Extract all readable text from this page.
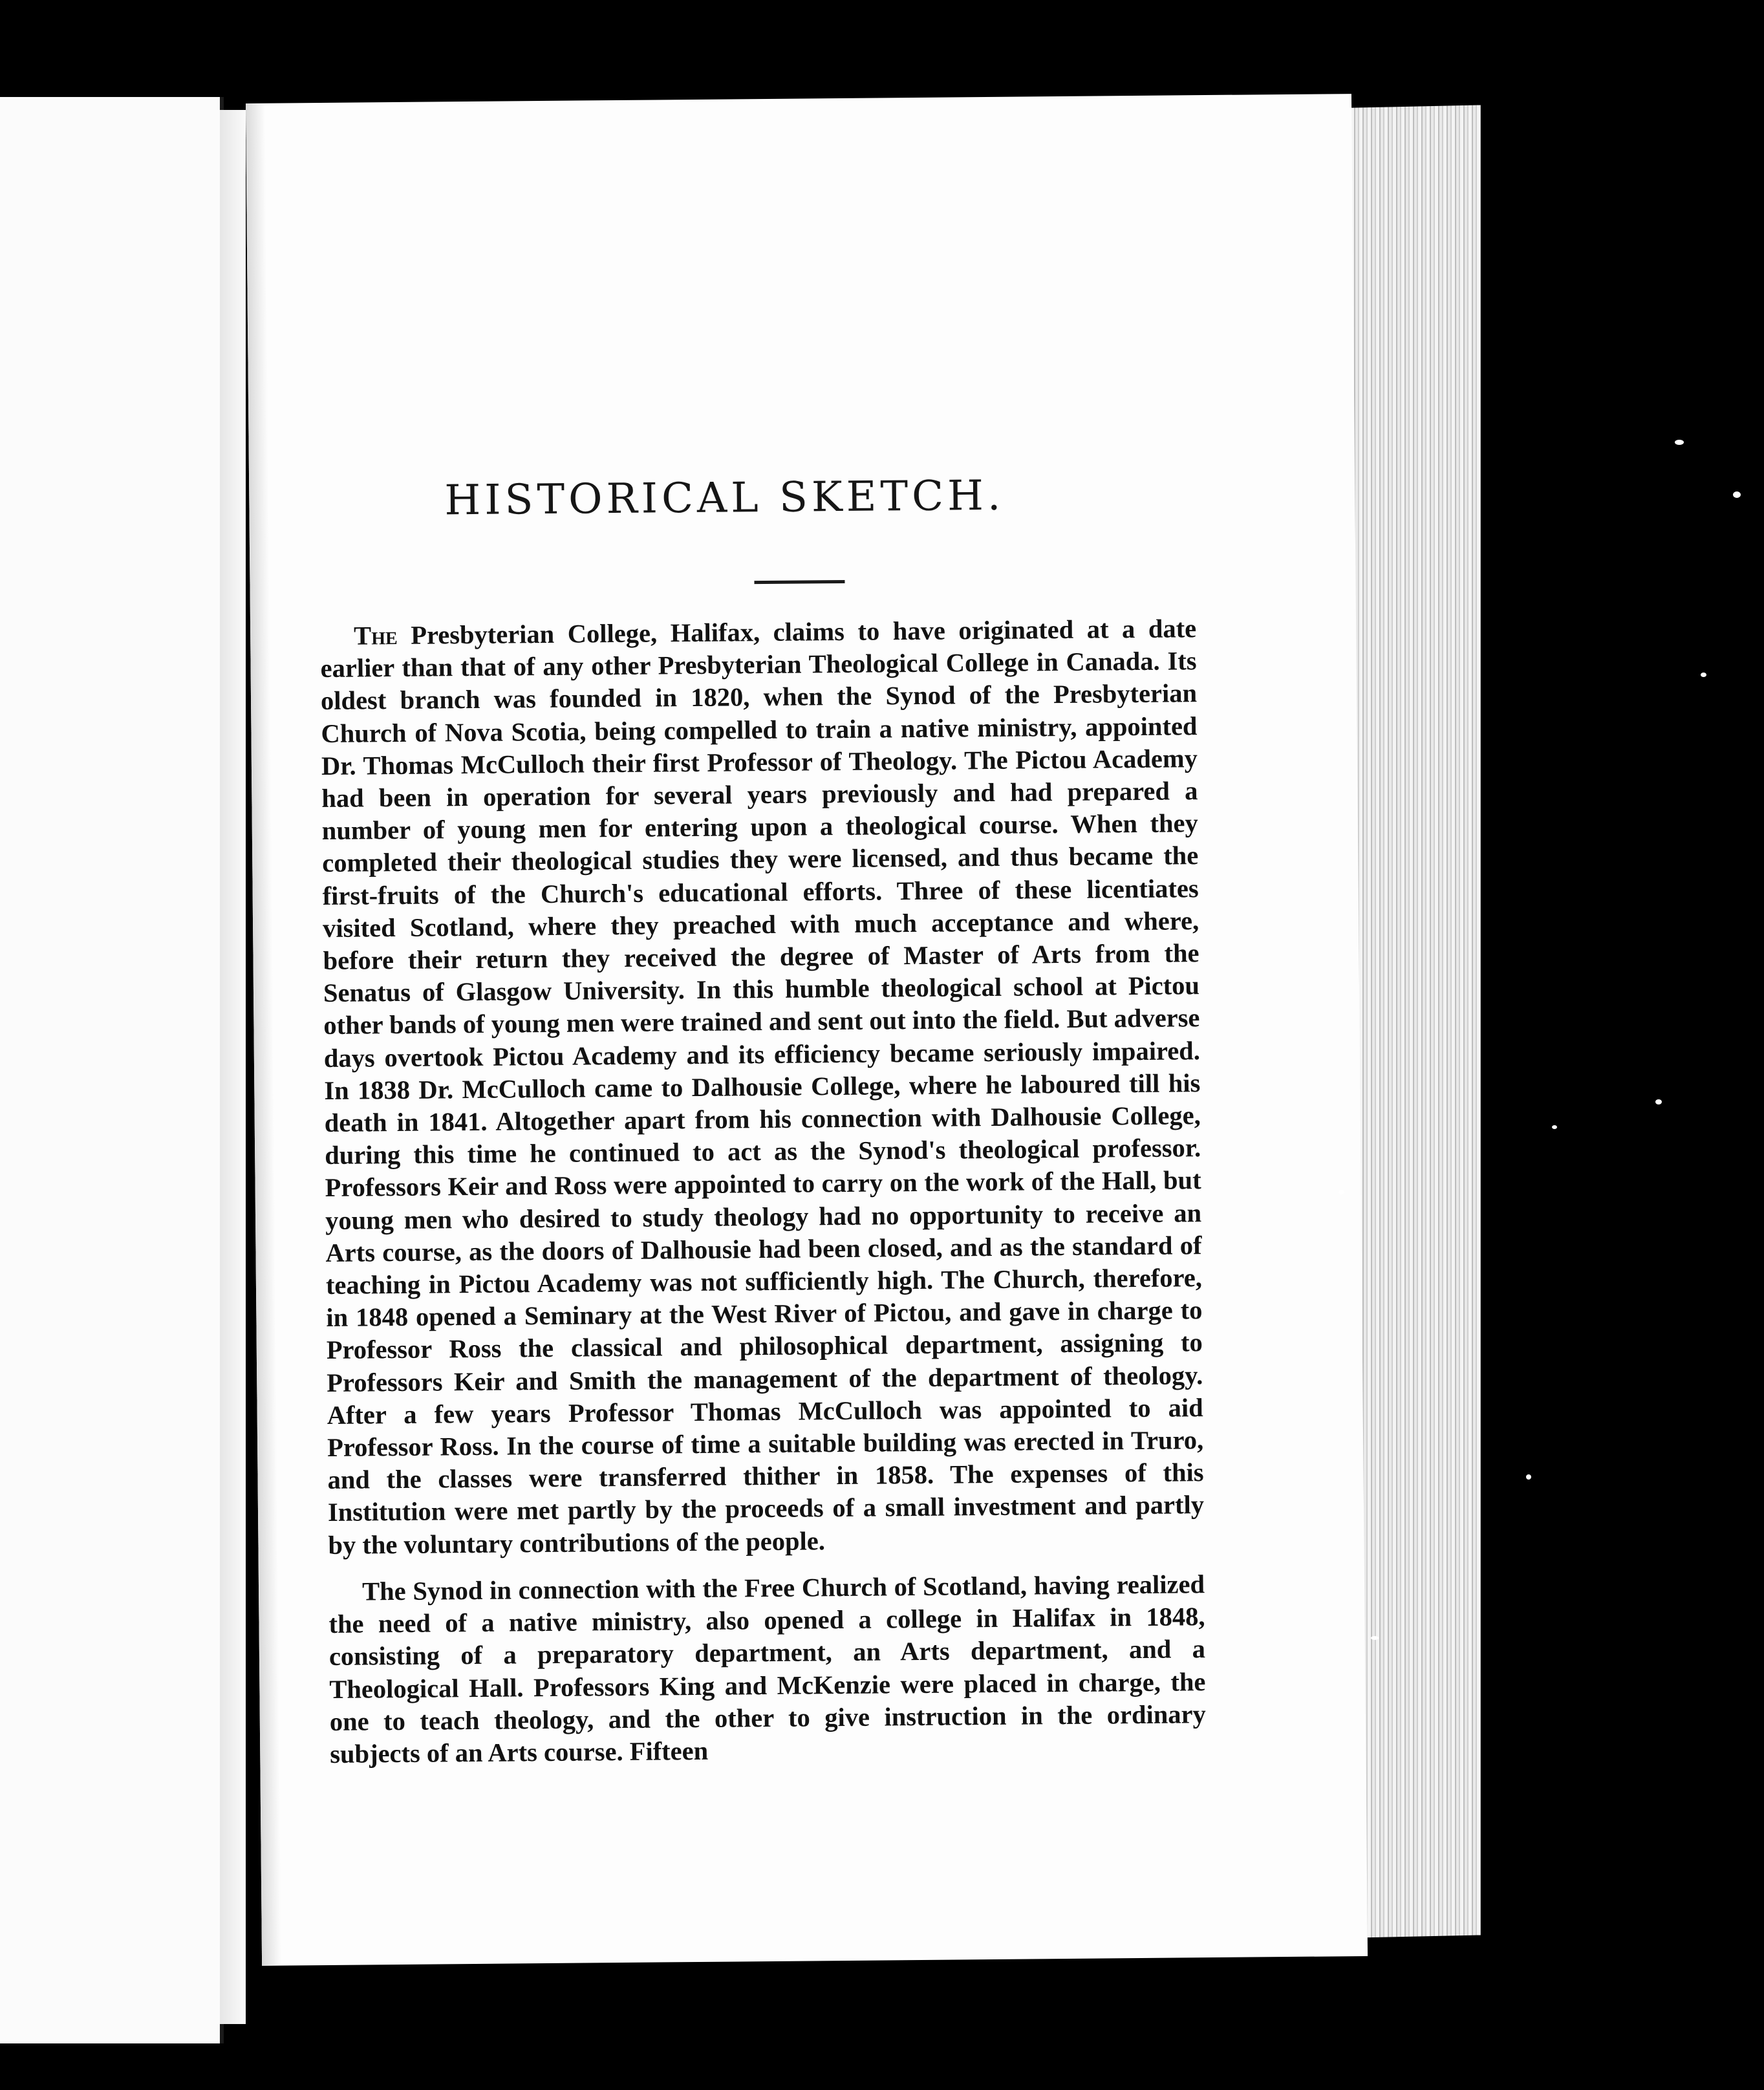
HISTORICAL SKETCH.

The Presbyterian College, Halifax, claims to have originated at a date earlier than that of any other Presbyterian Theological College in Canada. Its oldest branch was founded in 1820, when the Synod of the Presbyterian Church of Nova Scotia, being compelled to train a native ministry, appointed Dr. Thomas McCulloch their first Professor of Theology. The Pictou Academy had been in operation for several years previously and had prepared a number of young men for entering upon a theological course. When they completed their theological studies they were licensed, and thus became the first-fruits of the Church's educational efforts. Three of these licentiates visited Scotland, where they preached with much acceptance and where, before their return they received the degree of Master of Arts from the Senatus of Glasgow University. In this humble theological school at Pictou other bands of young men were trained and sent out into the field. But adverse days overtook Pictou Academy and its efficiency became seriously impaired. In 1838 Dr. McCulloch came to Dalhousie College, where he laboured till his death in 1841. Altogether apart from his connection with Dalhousie College, during this time he continued to act as the Synod's theological professor. Professors Keir and Ross were appointed to carry on the work of the Hall, but young men who desired to study theology had no opportunity to receive an Arts course, as the doors of Dalhousie had been closed, and as the standard of teaching in Pictou Academy was not sufficiently high. The Church, therefore, in 1848 opened a Seminary at the West River of Pictou, and gave in charge to Professor Ross the classical and philosophical department, assigning to Professors Keir and Smith the management of the department of theology. After a few years Professor Thomas McCulloch was appointed to aid Professor Ross. In the course of time a suitable building was erected in Truro, and the classes were transferred thither in 1858. The expenses of this Institution were met partly by the proceeds of a small investment and partly by the voluntary contributions of the people.

The Synod in connection with the Free Church of Scotland, having realized the need of a native ministry, also opened a college in Halifax in 1848, consisting of a preparatory department, an Arts department, and a Theological Hall. Professors King and McKenzie were placed in charge, the one to teach theology, and the other to give instruction in the ordinary subjects of an Arts course. Fifteen
